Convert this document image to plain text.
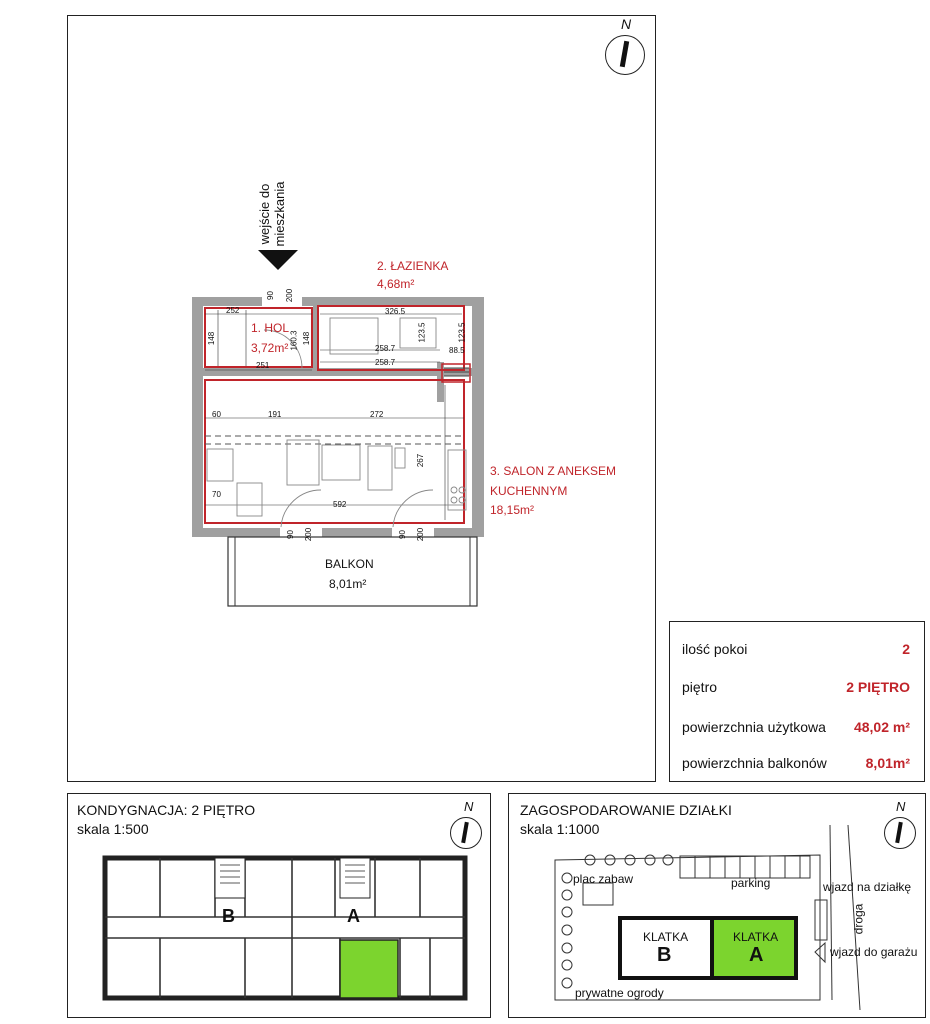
N
wejście do mieszkania
90 200
252
251
148	148
160.3
326.5
258.7
258.7
123.5	123.5
88.5
60	191	272
592
267
70
90 200	90 200
1. HOL
3,72m²
2. ŁAZIENKA
4,68m²
3. SALON Z ANEKSEM
KUCHENNYM
18,15m²
BALKON
8,01m²
ilość pokoi	2
piętro	2 PIĘTRO
powierzchnia użytkowa 48,02 m²
powierzchnia balkonów	8,01m²
KONDYGNACJA: 2 PIĘTRO
skala 1:500
N
B	A
ZAGOSPODAROWANIE DZIAŁKI
skala 1:1000
N
plac zabaw	parking	wjazd na działkę
droga
wjazd do garażu
prywatne ogrody
KLATKA
B
KLATKA
A
